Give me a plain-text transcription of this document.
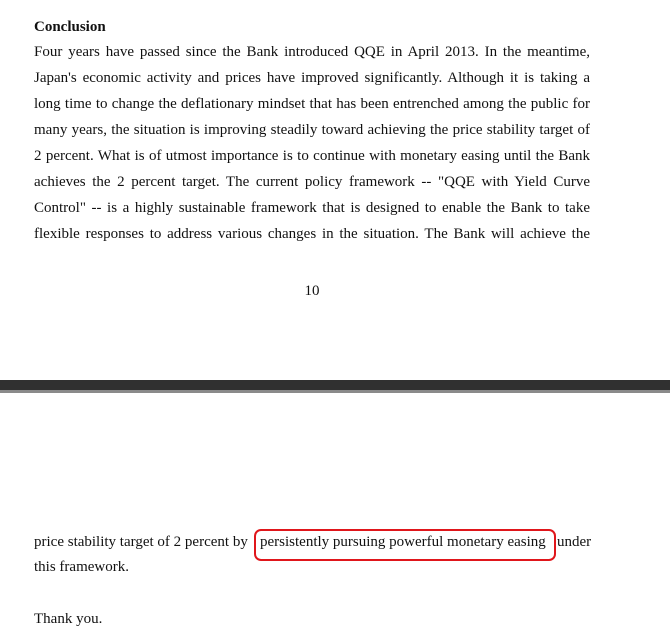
Conclusion
Four years have passed since the Bank introduced QQE in April 2013. In the meantime,
Japan's economic activity and prices have improved significantly. Although it is taking a
long time to change the deflationary mindset that has been entrenched among the public for
many years, the situation is improving steadily toward achieving the price stability target of
2 percent. What is of utmost importance is to continue with monetary easing until the Bank
achieves the 2 percent target. The current policy framework -- "QQE with Yield Curve
Control" -- is a highly sustainable framework that is designed to enable the Bank to take
flexible responses to address various changes in the situation. The Bank will achieve the
10
price stability target of 2 percent by persistently pursuing powerful monetary easing under
this framework.
Thank you.
